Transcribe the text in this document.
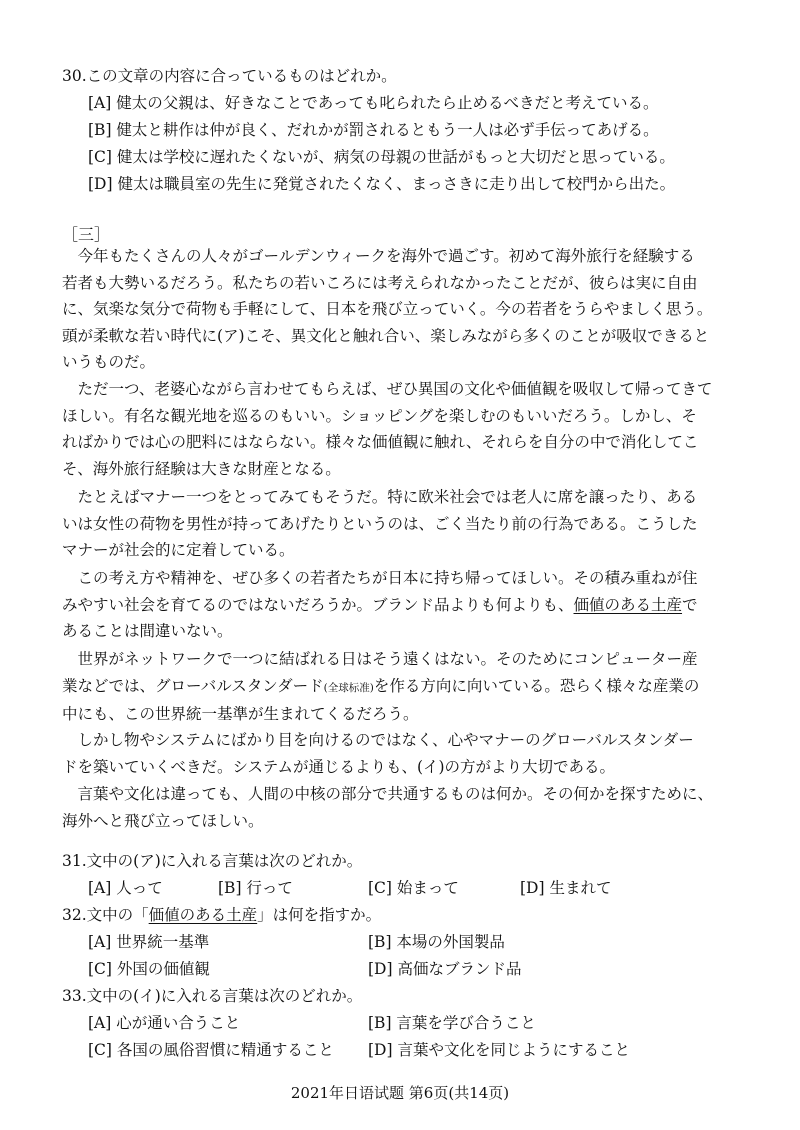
30.この文章の内容に合っているものはどれか。
[A] 健太の父親は、好きなことであっても叱られたら止めるべきだと考えている。
[B] 健太と耕作は仲が良く、だれかが罰されるともう一人は必ず手伝ってあげる。
[C] 健太は学校に遅れたくないが、病気の母親の世話がもっと大切だと思っている。
[D] 健太は職員室の先生に発覚されたくなく、まっさきに走り出して校門から出た。
［三］
　今年もたくさんの人々がゴールデンウィークを海外で過ごす。初めて海外旅行を経験する
若者も大勢いるだろう。私たちの若いころには考えられなかったことだが、彼らは実に自由
に、気楽な気分で荷物も手軽にして、日本を飛び立っていく。今の若者をうらやましく思う。
頭が柔軟な若い時代に(ア)こそ、異文化と触れ合い、楽しみながら多くのことが吸収できると
いうものだ。
　ただ一つ、老婆心ながら言わせてもらえば、ぜひ異国の文化や価値観を吸収して帰ってきて
ほしい。有名な観光地を巡るのもいい。ショッピングを楽しむのもいいだろう。しかし、そ
ればかりでは心の肥料にはならない。様々な価値観に触れ、それらを自分の中で消化してこ
そ、海外旅行経験は大きな財産となる。
　たとえばマナー一つをとってみてもそうだ。特に欧米社会では老人に席を譲ったり、ある
いは女性の荷物を男性が持ってあげたりというのは、ごく当たり前の行為である。こうした
マナーが社会的に定着している。
　この考え方や精神を、ぜひ多くの若者たちが日本に持ち帰ってほしい。その積み重ねが住
みやすい社会を育てるのではないだろうか。ブランド品よりも何よりも、価値のある土産で
あることは間違いない。
　世界がネットワークで一つに結ばれる日はそう遠くはない。そのためにコンピューター産
業などでは、グローバルスタンダード(全球标准)を作る方向に向いている。恐らく様々な産業の
中にも、この世界統一基準が生まれてくるだろう。
　しかし物やシステムにばかり目を向けるのではなく、心やマナーのグローバルスタンダー
ドを築いていくべきだ。システムが通じるよりも、(イ)の方がより大切である。
　言葉や文化は違っても、人間の中核の部分で共通するものは何か。その何かを探すために、
海外へと飛び立ってほしい。
31.文中の(ア)に入れる言葉は次のどれか。
[A] 人って	[B] 行って	[C] 始まって	[D] 生まれて
32.文中の「価値のある土産」は何を指すか。
[A] 世界統一基準	[B] 本場の外国製品
[C] 外国の価値観	[D] 高価なブランド品
33.文中の(イ)に入れる言葉は次のどれか。
[A] 心が通い合うこと	[B] 言葉を学び合うこと
[C] 各国の風俗習慣に精通すること [D] 言葉や文化を同じようにすること
2021年日语试题 第6页(共14页)
